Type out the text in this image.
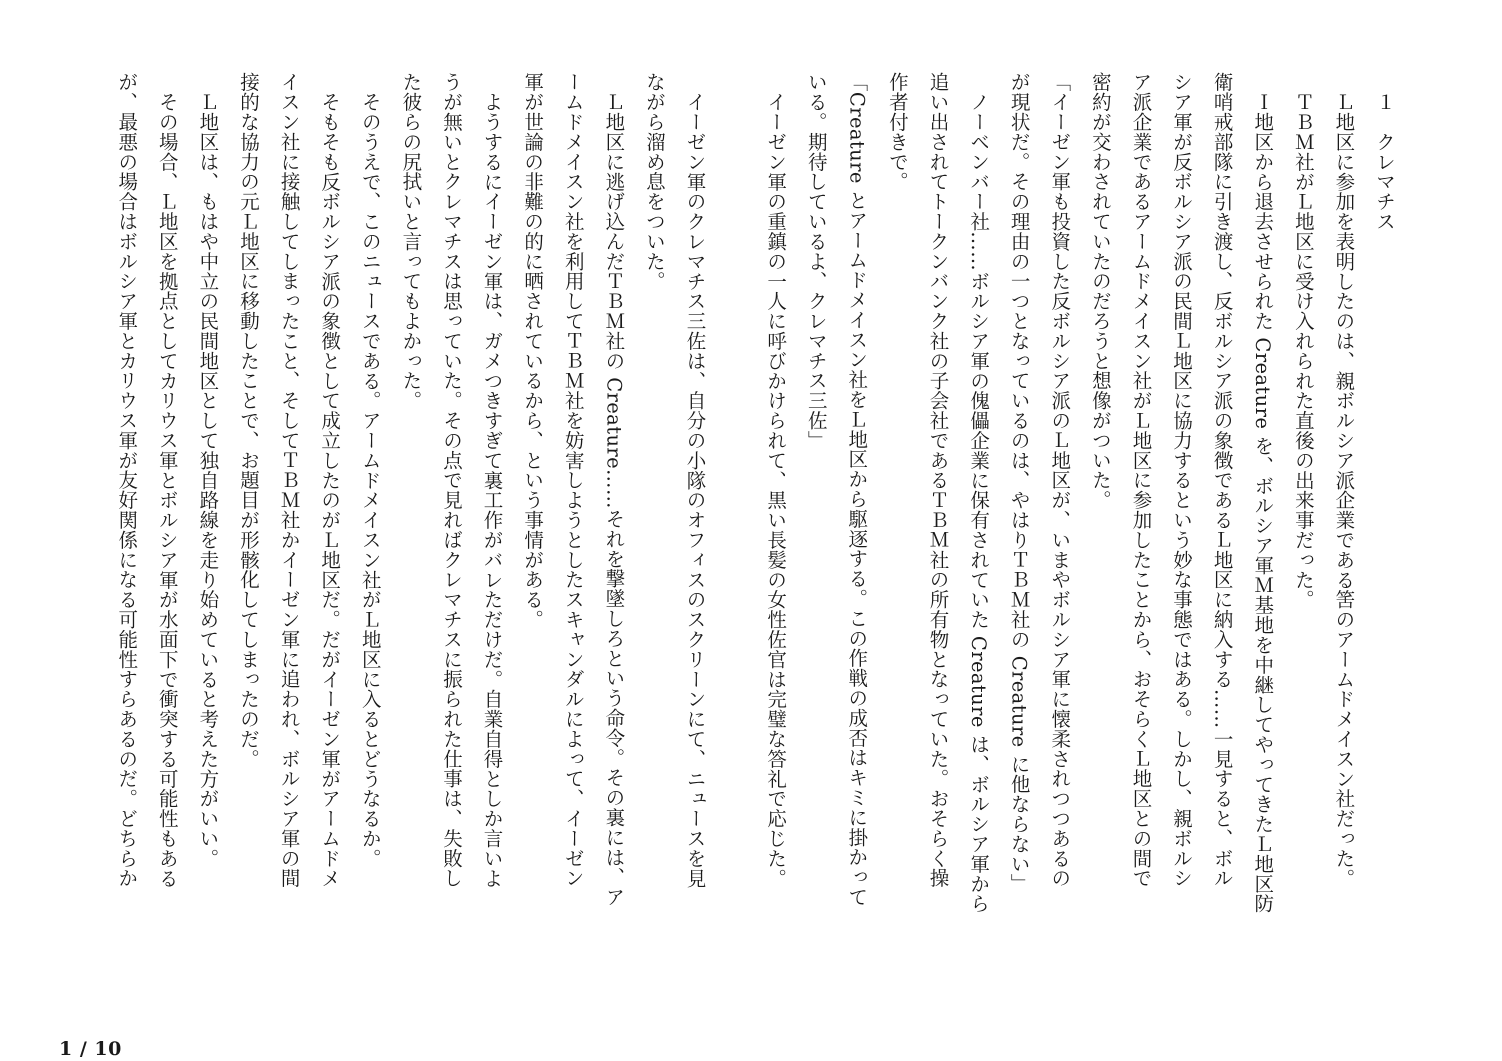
　１　クレマチス

Ｌ地区に参加を表明したのは、親ボルシア派企業である筈のアームドメイスン社だった。

ＴＢＭ社がＬ地区に受け入れられた直後の出来事だった。

Ｉ地区から退去させられた Creature を、ボルシア軍Ｍ基地を中継してやってきたＬ地区防

衛哨戒部隊に引き渡し、反ボルシア派の象徴であるＬ地区に納入する……一見すると、ボル

シア軍が反ボルシア派の民間Ｌ地区に協力するという妙な事態ではある。しかし、親ボルシ

ア派企業であるアームドメイスン社がＬ地区に参加したことから、おそらくＬ地区との間で

密約が交わされていたのだろうと想像がついた。

「イーゼン軍も投資した反ボルシア派のＬ地区が、いまやボルシア軍に懐柔されつつあるの

が現状だ。その理由の一つとなっているのは、やはりＴＢＭ社の Creature に他ならない」

ノーベンバー社……ボルシア軍の傀儡企業に保有されていた Creature は、ボルシア軍から

追い出されてトークンバンク社の子会社であるＴＢＭ社の所有物となっていた。おそらく操

作者付きで。

「Creature とアームドメイスン社をＬ地区から駆逐する。この作戦の成否はキミに掛かって

いる。期待しているよ、クレマチス三佐」

イーゼン軍の重鎮の一人に呼びかけられて、黒い長髪の女性佐官は完璧な答礼で応じた。

イーゼン軍のクレマチス三佐は、自分の小隊のオフィスのスクリーンにて、ニュースを見

ながら溜め息をついた。

Ｌ地区に逃げ込んだＴＢＭ社の Creature……それを撃墜しろという命令。その裏には、ア

ームドメイスン社を利用してＴＢＭ社を妨害しようとしたスキャンダルによって、イーゼン

軍が世論の非難の的に晒されているから、という事情がある。

ようするにイーゼン軍は、ガメつきすぎて裏工作がバレただけだ。自業自得としか言いよ

うが無いとクレマチスは思っていた。その点で見ればクレマチスに振られた仕事は、失敗し

た彼らの尻拭いと言ってもよかった。

そのうえで、このニュースである。アームドメイスン社がＬ地区に入るとどうなるか。

そもそも反ボルシア派の象徴として成立したのがＬ地区だ。だがイーゼン軍がアームドメ

イスン社に接触してしまったこと、そしてＴＢＭ社かイーゼン軍に追われ、ボルシア軍の間

接的な協力の元Ｌ地区に移動したことで、お題目が形骸化してしまったのだ。

Ｌ地区は、もはや中立の民間地区として独自路線を走り始めていると考えた方がいい。

その場合、Ｌ地区を拠点としてカリウス軍とボルシア軍が水面下で衝突する可能性もある

が、最悪の場合はボルシア軍とカリウス軍が友好関係になる可能性すらあるのだ。どちらか

1 / 10
